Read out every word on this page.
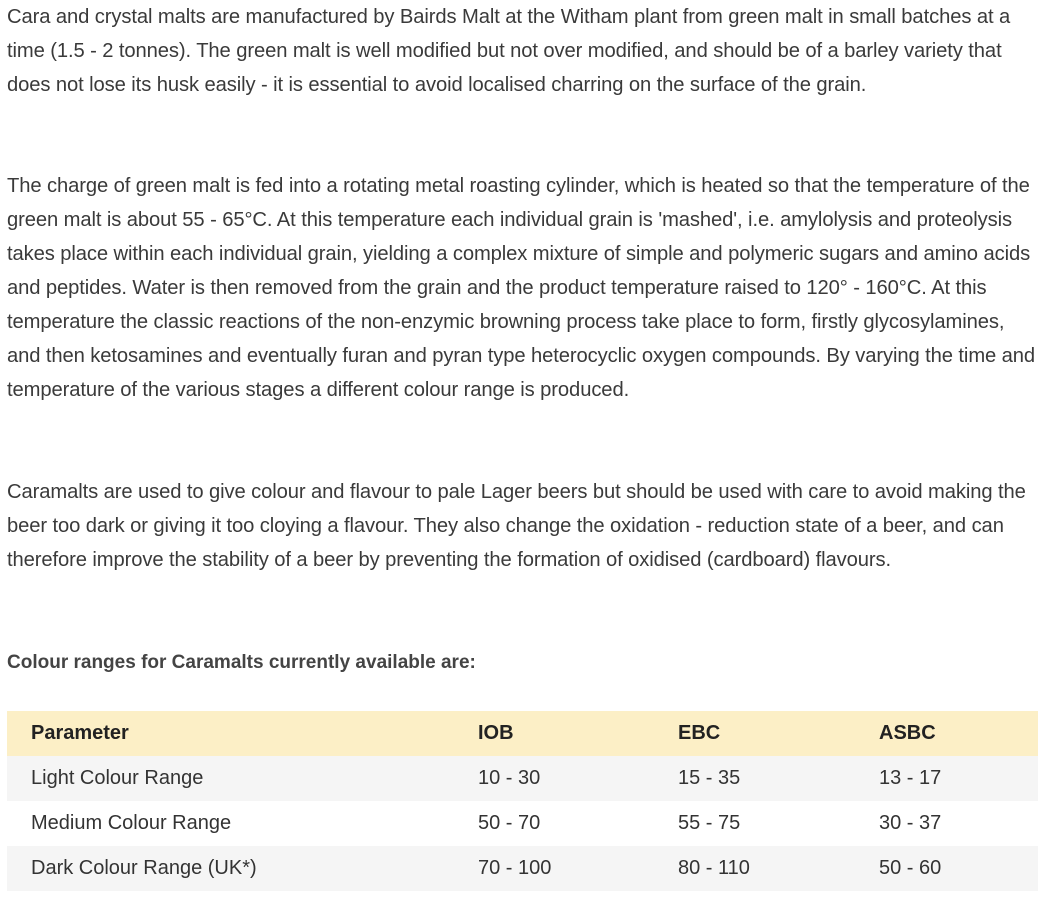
Cara and crystal malts are manufactured by Bairds Malt at the Witham plant from green malt in small batches at a time (1.5 - 2 tonnes). The green malt is well modified but not over modified, and should be of a barley variety that does not lose its husk easily - it is essential to avoid localised charring on the surface of the grain.

The charge of green malt is fed into a rotating metal roasting cylinder, which is heated so that the temperature of the green malt is about 55 - 65°C. At this temperature each individual grain is 'mashed', i.e. amylolysis and proteolysis takes place within each individual grain, yielding a complex mixture of simple and polymeric sugars and amino acids and peptides. Water is then removed from the grain and the product temperature raised to 120° - 160°C. At this temperature the classic reactions of the non-enzymic browning process take place to form, firstly glycosylamines, and then ketosamines and eventually furan and pyran type heterocyclic oxygen compounds. By varying the time and temperature of the various stages a different colour range is produced.

Caramalts are used to give colour and flavour to pale Lager beers but should be used with care to avoid making the beer too dark or giving it too cloying a flavour. They also change the oxidation - reduction state of a beer, and can therefore improve the stability of a beer by preventing the formation of oxidised (cardboard) flavours.

Colour ranges for Caramalts currently available are:

Parameter	IOB	EBC	ASBC
Light Colour Range	10 - 30	15 - 35	13 - 17
Medium Colour Range	50 - 70	55 - 75	30 - 37
Dark Colour Range (UK*)	70 - 100	80 - 110	50 - 60
